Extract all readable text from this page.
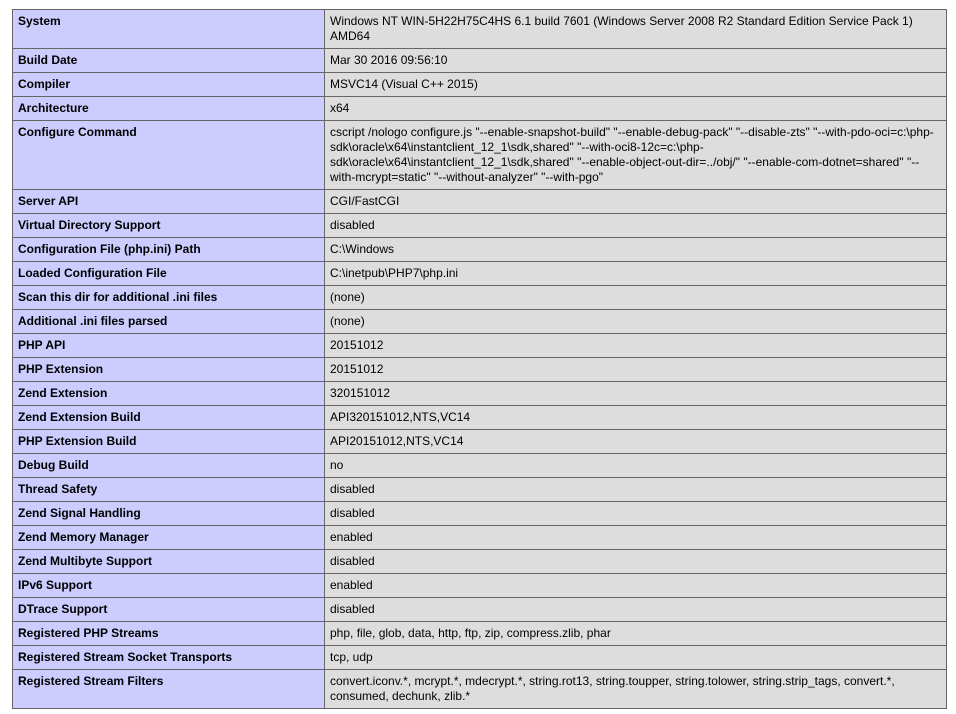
System	Windows NT WIN-5H22H75C4HS 6.1 build 7601 (Windows Server 2008 R2 Standard Edition Service Pack 1) AMD64
Build Date	Mar 30 2016 09:56:10
Compiler	MSVC14 (Visual C++ 2015)
Architecture	x64
Configure Command	cscript /nologo configure.js "--enable-snapshot-build" "--enable-debug-pack" "--disable-zts" "--with-pdo-oci=c:\php-sdk\oracle\x64\instantclient_12_1\sdk,shared" "--with-oci8-12c=c:\php-sdk\oracle\x64\instantclient_12_1\sdk,shared" "--enable-object-out-dir=../obj/" "--enable-com-dotnet=shared" "--with-mcrypt=static" "--without-analyzer" "--with-pgo"
Server API	CGI/FastCGI
Virtual Directory Support	disabled
Configuration File (php.ini) Path	C:\Windows
Loaded Configuration File	C:\inetpub\PHP7\php.ini
Scan this dir for additional .ini files	(none)
Additional .ini files parsed	(none)
PHP API	20151012
PHP Extension	20151012
Zend Extension	320151012
Zend Extension Build	API320151012,NTS,VC14
PHP Extension Build	API20151012,NTS,VC14
Debug Build	no
Thread Safety	disabled
Zend Signal Handling	disabled
Zend Memory Manager	enabled
Zend Multibyte Support	disabled
IPv6 Support	enabled
DTrace Support	disabled
Registered PHP Streams	php, file, glob, data, http, ftp, zip, compress.zlib, phar
Registered Stream Socket Transports	tcp, udp
Registered Stream Filters	convert.iconv.*, mcrypt.*, mdecrypt.*, string.rot13, string.toupper, string.tolower, string.strip_tags, convert.*, consumed, dechunk, zlib.*
